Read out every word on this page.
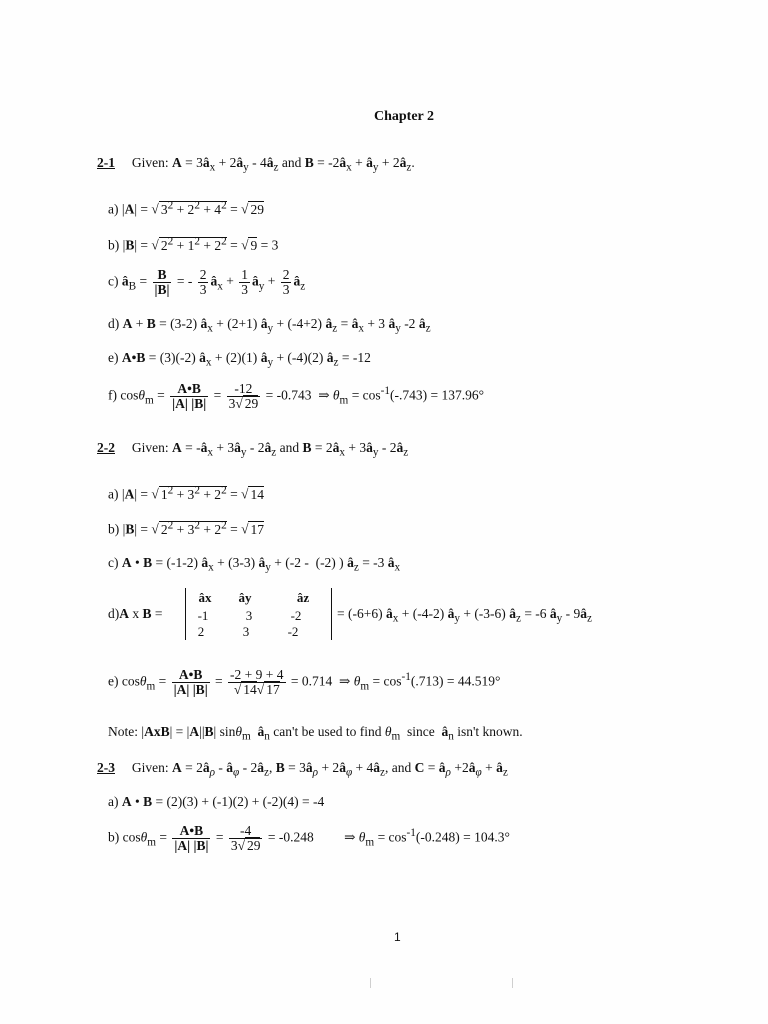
Chapter 2
2-1     Given: $A = 3â_x$ + $2â_y$ - $4â_z$ and $B = -2â_x$ + $â_y$ + $2â_z$.
a) |A| = √ $3^2 + 2^2 + 4^2$ = √ 29
b) |B| = √ $2^2 + 1^2 + 2^2$ = √ 9 = 3
c) $â_B = \frac{B}{|B|}$ = - $\frac{2}{3}$ $â_x + \frac{1}{3}$ $â_y + \frac{2}{3}$ $â_z$
d) A + B = (3-2) $â_x + (2+1)$ $â_y + (-4+2)$ $â_z$ = $â_x + 3$ $â_y$ -2 $â_z$
e) A•B = (3)(-2) $â_x + (2)(1)$ $â_y + (-4)(2)$ $â_z = -12$
f) $\cos\theta_m = \frac{A•B}{|A| |B|} = \frac{-12}{3√ 29} = -0.743$  ⇒ $\theta_m = \cos^{-1}(-.743) = 137.96^\circ$
2-2     Given: $A = -â_x$ + $3â_y$ - $2â_z$ and $B = 2â_x$ + $3â_y$ - $2â_z$
a) |A| = √ $1^2 + 3^2 + 2^2$ = √ 14
b) |B| = √ $2^2 + 3^2 + 2^2$ = √ 17
c) A • B = (-1-2) $â_x + (3-3)$ $â_y + (-2 - (-2)$ ) $â_z = -3$ $â_x$
d)A x B =
âx	ây	âz
-1	3	-2
2	3	-2
= (-6+6) $â_x + (-4-2)$ $â_y + (-3-6)$ $â_z = -6$ $â_y$ - $9â_z$
e) $\cos\theta_m = \frac{A•B}{|A| |B|} = \frac{-2 + 9 + 4}{√ 14√ 17} = 0.714$  ⇒ $\theta_m = \cos^{-1}(.713) = 44.519^\circ$
Note: |AxB| = |A||B| sinθ$_m$ $â_n$ can't be used to find $\theta_m$  since  $â_n$ isn't known.
2-3     Given: $A = 2â_\rho$ - $â_\varphi$ - $2â_z$, $B = 3â_\rho$ + $2â_\varphi$ + $4â_z$, and $C = â_\rho$ $+2â_\varphi$ + $â_z$
a) A • B = (2)(3) + (-1)(2) + (-2)(4) = -4
b) $\cos\theta_m = \frac{A•B}{|A| |B|} = \frac{-4}{3√ 29} = -0.248$         ⇒ $\theta_m = \cos^{-1}(-0.248) = 104.3^\circ$
1
